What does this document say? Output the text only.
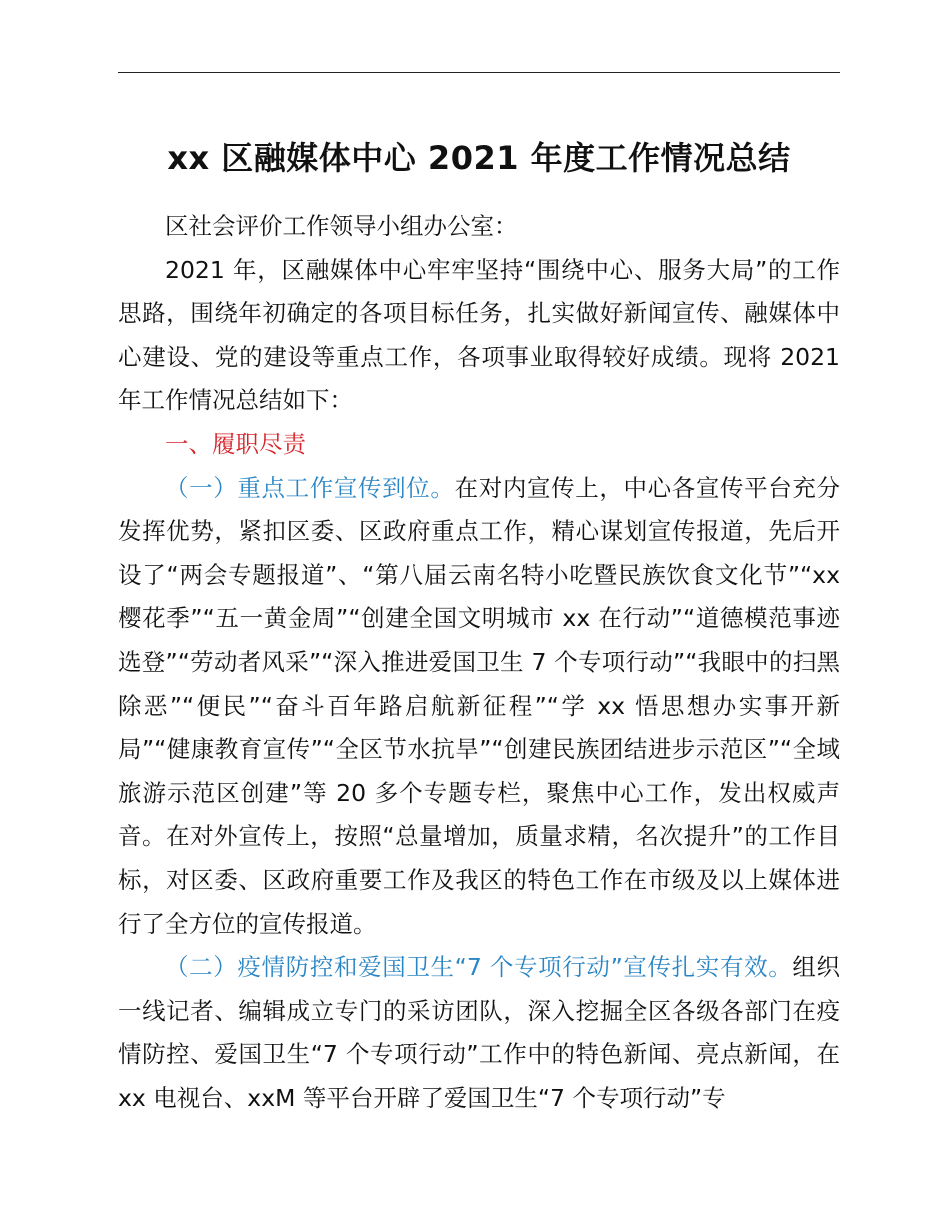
xx 区融媒体中心 2021 年度工作情况总结

区社会评价工作领导小组办公室：

2021 年，区融媒体中心牢牢坚持“围绕中心、服务大局”的工作思路，围绕年初确定的各项目标任务，扎实做好新闻宣传、融媒体中心建设、党的建设等重点工作，各项事业取得较好成绩。现将 2021 年工作情况总结如下：

一、履职尽责

（一）重点工作宣传到位。在对内宣传上，中心各宣传平台充分发挥优势，紧扣区委、区政府重点工作，精心谋划宣传报道，先后开设了“两会专题报道”、“第八届云南名特小吃暨民族饮食文化节”“xx 樱花季”“五一黄金周”“创建全国文明城市 xx 在行动”“道德模范事迹选登”“劳动者风采”“深入推进爱国卫生 7 个专项行动”“我眼中的扫黑除恶”“便民”“奋斗百年路启航新征程”“学 xx 悟思想办实事开新局”“健康教育宣传”“全区节水抗旱”“创建民族团结进步示范区”“全域旅游示范区创建”等 20 多个专题专栏，聚焦中心工作，发出权威声音。在对外宣传上，按照“总量增加，质量求精，名次提升”的工作目标，对区委、区政府重要工作及我区的特色工作在市级及以上媒体进行了全方位的宣传报道。

（二）疫情防控和爱国卫生“7 个专项行动”宣传扎实有效。组织一线记者、编辑成立专门的采访团队，深入挖掘全区各级各部门在疫情防控、爱国卫生“7 个专项行动”工作中的特色新闻、亮点新闻，在 xx 电视台、xxM 等平台开辟了爱国卫生“7 个专项行动”专
